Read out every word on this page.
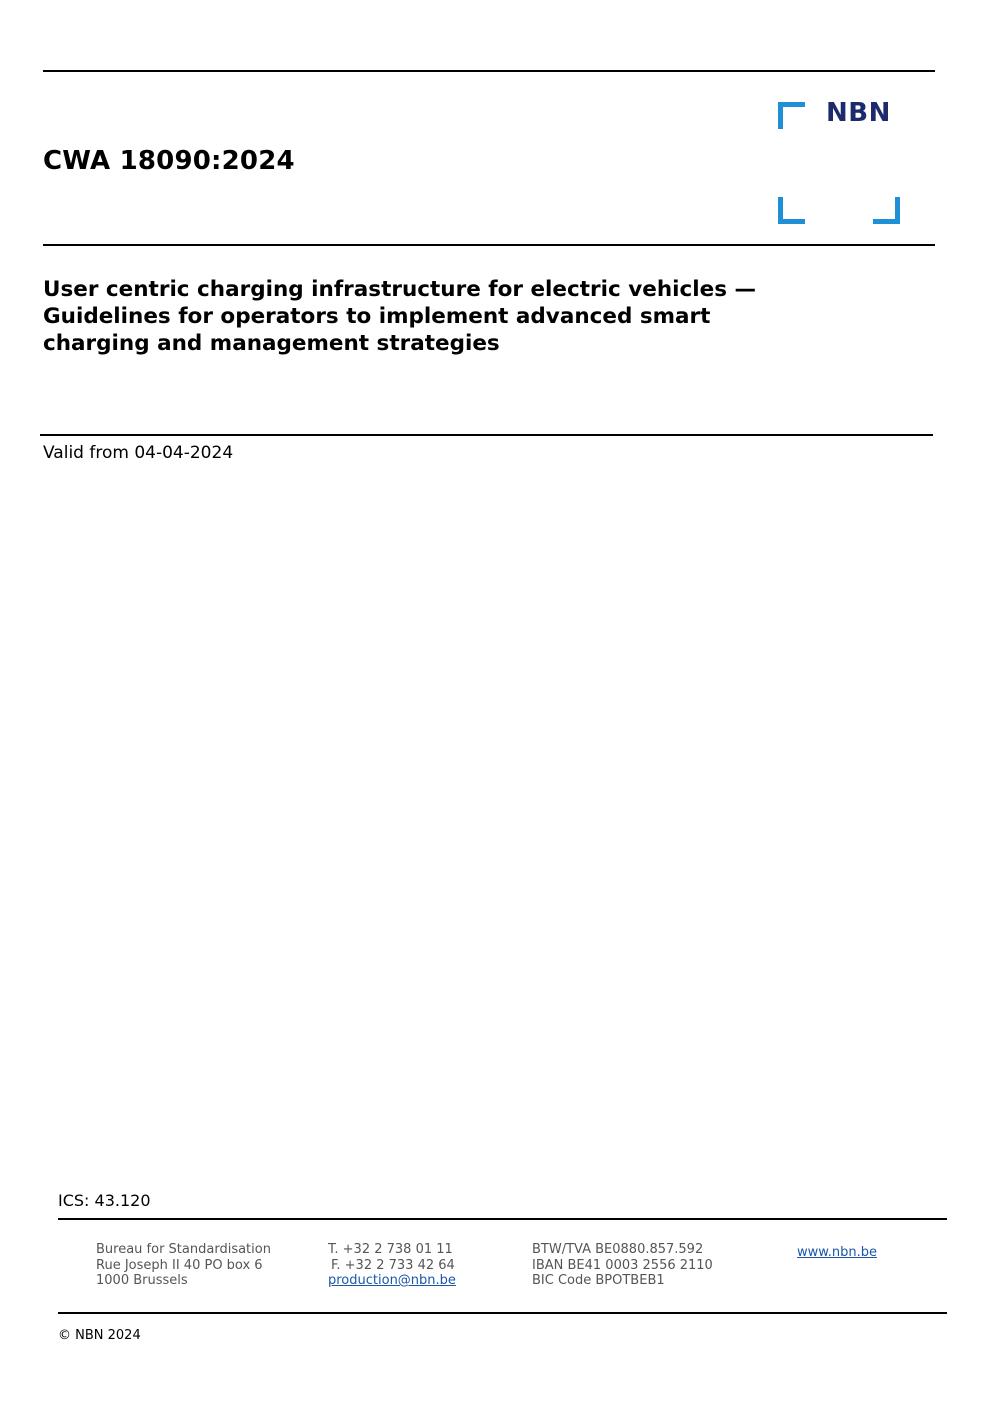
CWA 18090:2024
NBN
User centric charging infrastructure for electric vehicles —
Guidelines for operators to implement advanced smart
charging and management strategies
Valid from 04-04-2024
ICS: 43.120
Bureau for Standardisation
Rue Joseph II 40 PO box 6
1000 Brussels
T. +32 2 738 01 11
F. +32 2 733 42 64
production@nbn.be
BTW/TVA BE0880.857.592
IBAN BE41 0003 2556 2110
BIC Code BPOTBEB1
www.nbn.be
© NBN 2024
